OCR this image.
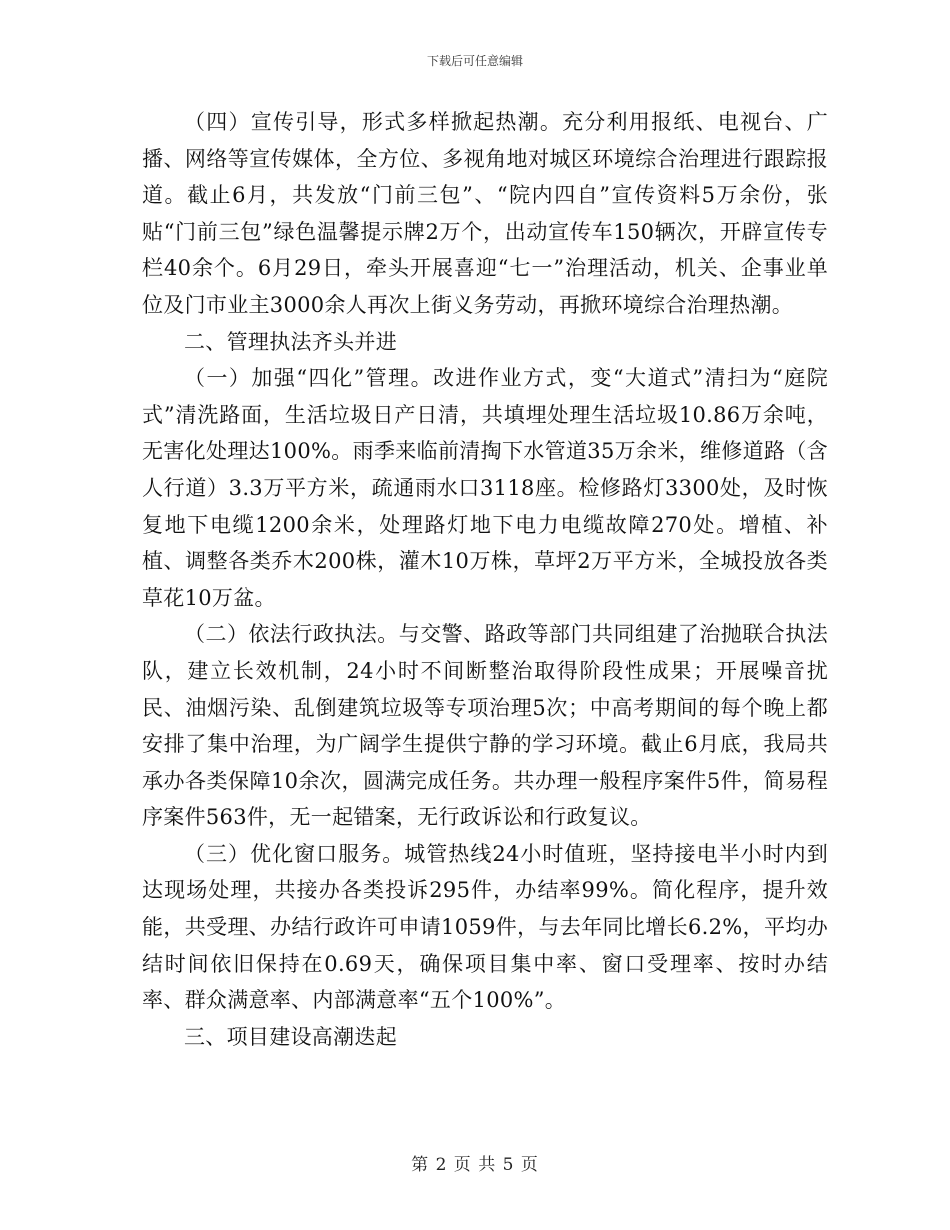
下载后可任意编辑

（四）宣传引导，形式多样掀起热潮。充分利用报纸、电视台、广播、网络等宣传媒体，全方位、多视角地对城区环境综合治理进行跟踪报道。截止6月，共发放“门前三包”、“院内四自”宣传资料5万余份，张贴“门前三包”绿色温馨提示牌2万个，出动宣传车150辆次，开辟宣传专栏40余个。6月29日，牵头开展喜迎“七一”治理活动，机关、企事业单位及门市业主3000余人再次上街义务劳动，再掀环境综合治理热潮。

二、管理执法齐头并进

（一）加强“四化”管理。改进作业方式，变“大道式”清扫为“庭院式”清洗路面，生活垃圾日产日清，共填埋处理生活垃圾10.86万余吨，无害化处理达100%。雨季来临前清掏下水管道35万余米，维修道路（含人行道）3.3万平方米，疏通雨水口3118座。检修路灯3300处，及时恢复地下电缆1200余米，处理路灯地下电力电缆故障270处。增植、补植、调整各类乔木200株，灌木10万株，草坪2万平方米，全城投放各类草花10万盆。

（二）依法行政执法。与交警、路政等部门共同组建了治抛联合执法队，建立长效机制，24小时不间断整治取得阶段性成果；开展噪音扰民、油烟污染、乱倒建筑垃圾等专项治理5次；中高考期间的每个晚上都安排了集中治理，为广阔学生提供宁静的学习环境。截止6月底，我局共承办各类保障10余次，圆满完成任务。共办理一般程序案件5件，简易程序案件563件，无一起错案，无行政诉讼和行政复议。

（三）优化窗口服务。城管热线24小时值班，坚持接电半小时内到达现场处理，共接办各类投诉295件，办结率99%。简化程序，提升效能，共受理、办结行政许可申请1059件，与去年同比增长6.2%，平均办结时间依旧保持在0.69天，确保项目集中率、窗口受理率、按时办结率、群众满意率、内部满意率“五个100%”。

三、项目建设高潮迭起

第 2 页 共 5 页
